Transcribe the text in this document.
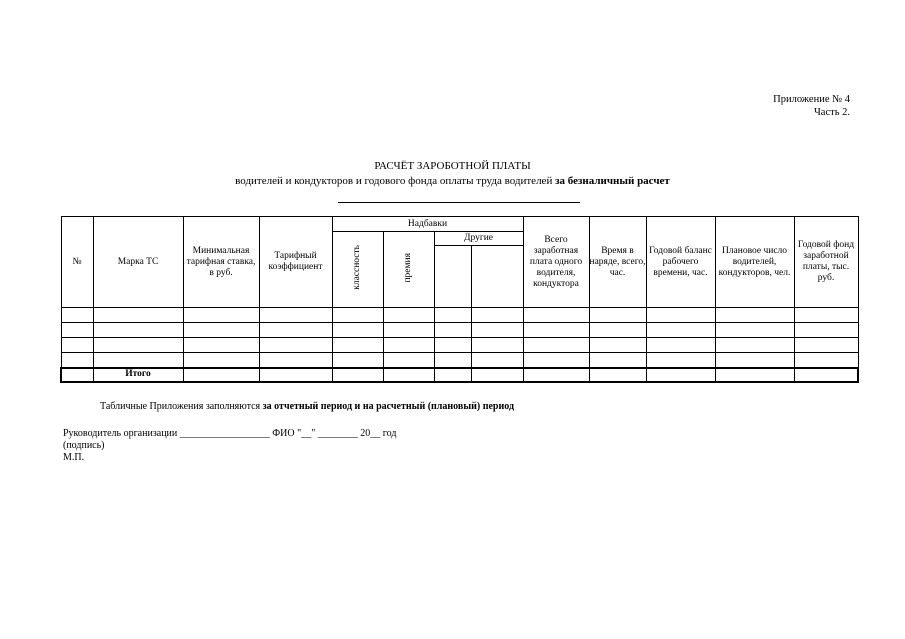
Приложение № 4
Часть 2.
РАСЧЁТ ЗАРОБОТНОЙ ПЛАТЫ
водителей и кондукторов и годового фонда оплаты труда водителей за безналичный расчет
№	Марка ТС	Минимальная тарифная ставка, в руб.	Тарифный коэффициент	Надбавки				Всего заработная плата одного водителя, кондуктора	Время в наряде, всего, час.	Годовой баланс рабочего времени, час.	Плановое число водителей, кондукторов, чел.	Годовой фонд заработной платы, тыс. руб.
				классность	премия	Другие						

	Итого											
Табличные Приложения заполняются за отчетный период и на расчетный (плановый) период
Руководитель организации __________________ ФИО "__" ________ 20__ год
(подпись)
М.П.
